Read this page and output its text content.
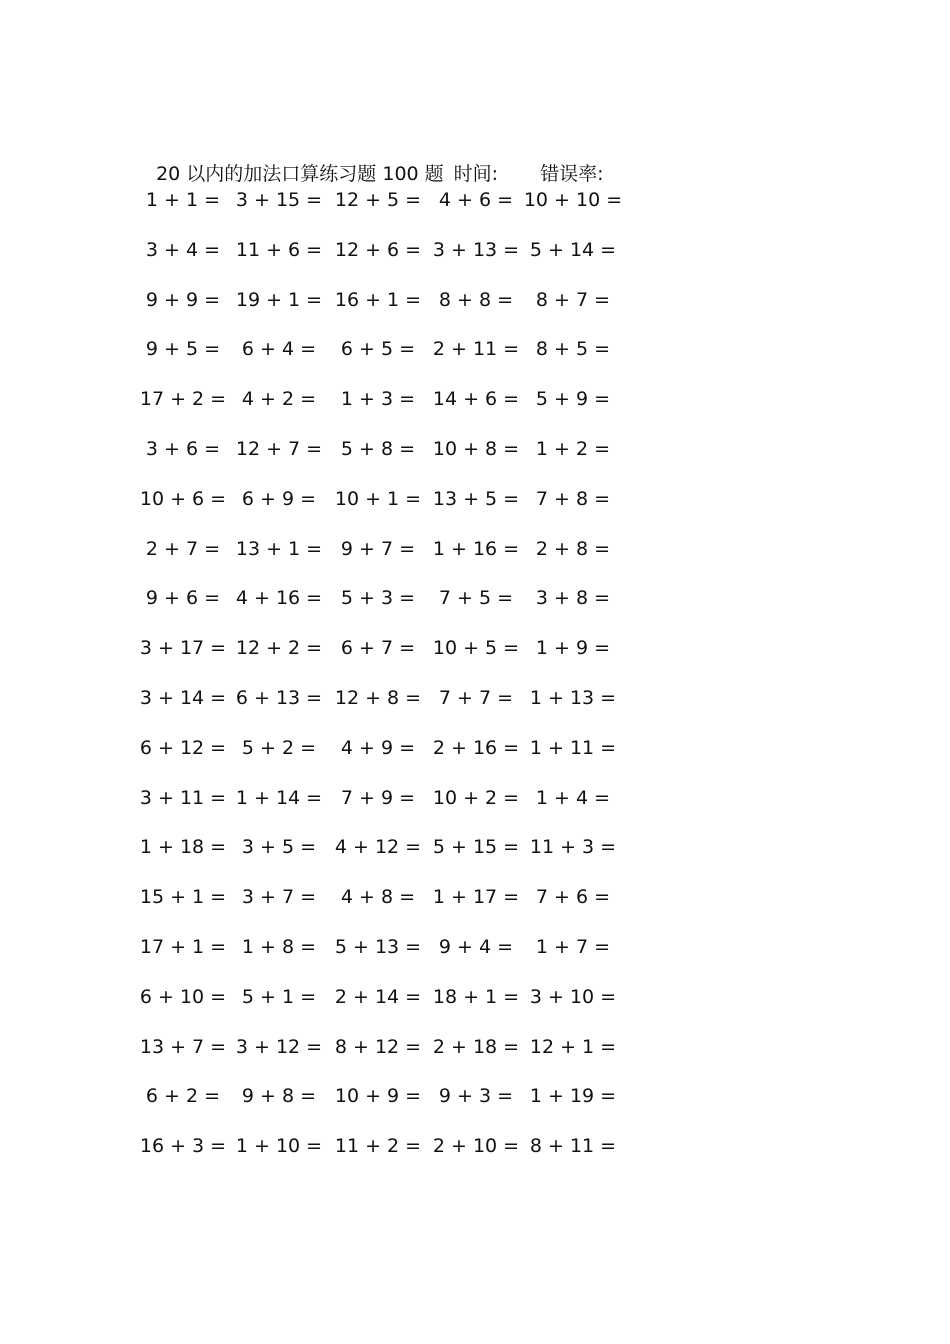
20 以内的加法口算练习题 100 题 时间: 错误率:

1 + 1 = 3 + 15 = 12 + 5 = 4 + 6 = 10 + 10 =
3 + 4 = 11 + 6 = 12 + 6 = 3 + 13 = 5 + 14 =
9 + 9 = 19 + 1 = 16 + 1 = 8 + 8 = 8 + 7 =
9 + 5 = 6 + 4 = 6 + 5 = 2 + 11 = 8 + 5 =
17 + 2 = 4 + 2 = 1 + 3 = 14 + 6 = 5 + 9 =
3 + 6 = 12 + 7 = 5 + 8 = 10 + 8 = 1 + 2 =
10 + 6 = 6 + 9 = 10 + 1 = 13 + 5 = 7 + 8 =
2 + 7 = 13 + 1 = 9 + 7 = 1 + 16 = 2 + 8 =
9 + 6 = 4 + 16 = 5 + 3 = 7 + 5 = 3 + 8 =
3 + 17 = 12 + 2 = 6 + 7 = 10 + 5 = 1 + 9 =
3 + 14 = 6 + 13 = 12 + 8 = 7 + 7 = 1 + 13 =
6 + 12 = 5 + 2 = 4 + 9 = 2 + 16 = 1 + 11 =
3 + 11 = 1 + 14 = 7 + 9 = 10 + 2 = 1 + 4 =
1 + 18 = 3 + 5 = 4 + 12 = 5 + 15 = 11 + 3 =
15 + 1 = 3 + 7 = 4 + 8 = 1 + 17 = 7 + 6 =
17 + 1 = 1 + 8 = 5 + 13 = 9 + 4 = 1 + 7 =
6 + 10 = 5 + 1 = 2 + 14 = 18 + 1 = 3 + 10 =
13 + 7 = 3 + 12 = 8 + 12 = 2 + 18 = 12 + 1 =
6 + 2 = 9 + 8 = 10 + 9 = 9 + 3 = 1 + 19 =
16 + 3 = 1 + 10 = 11 + 2 = 2 + 10 = 8 + 11 =
